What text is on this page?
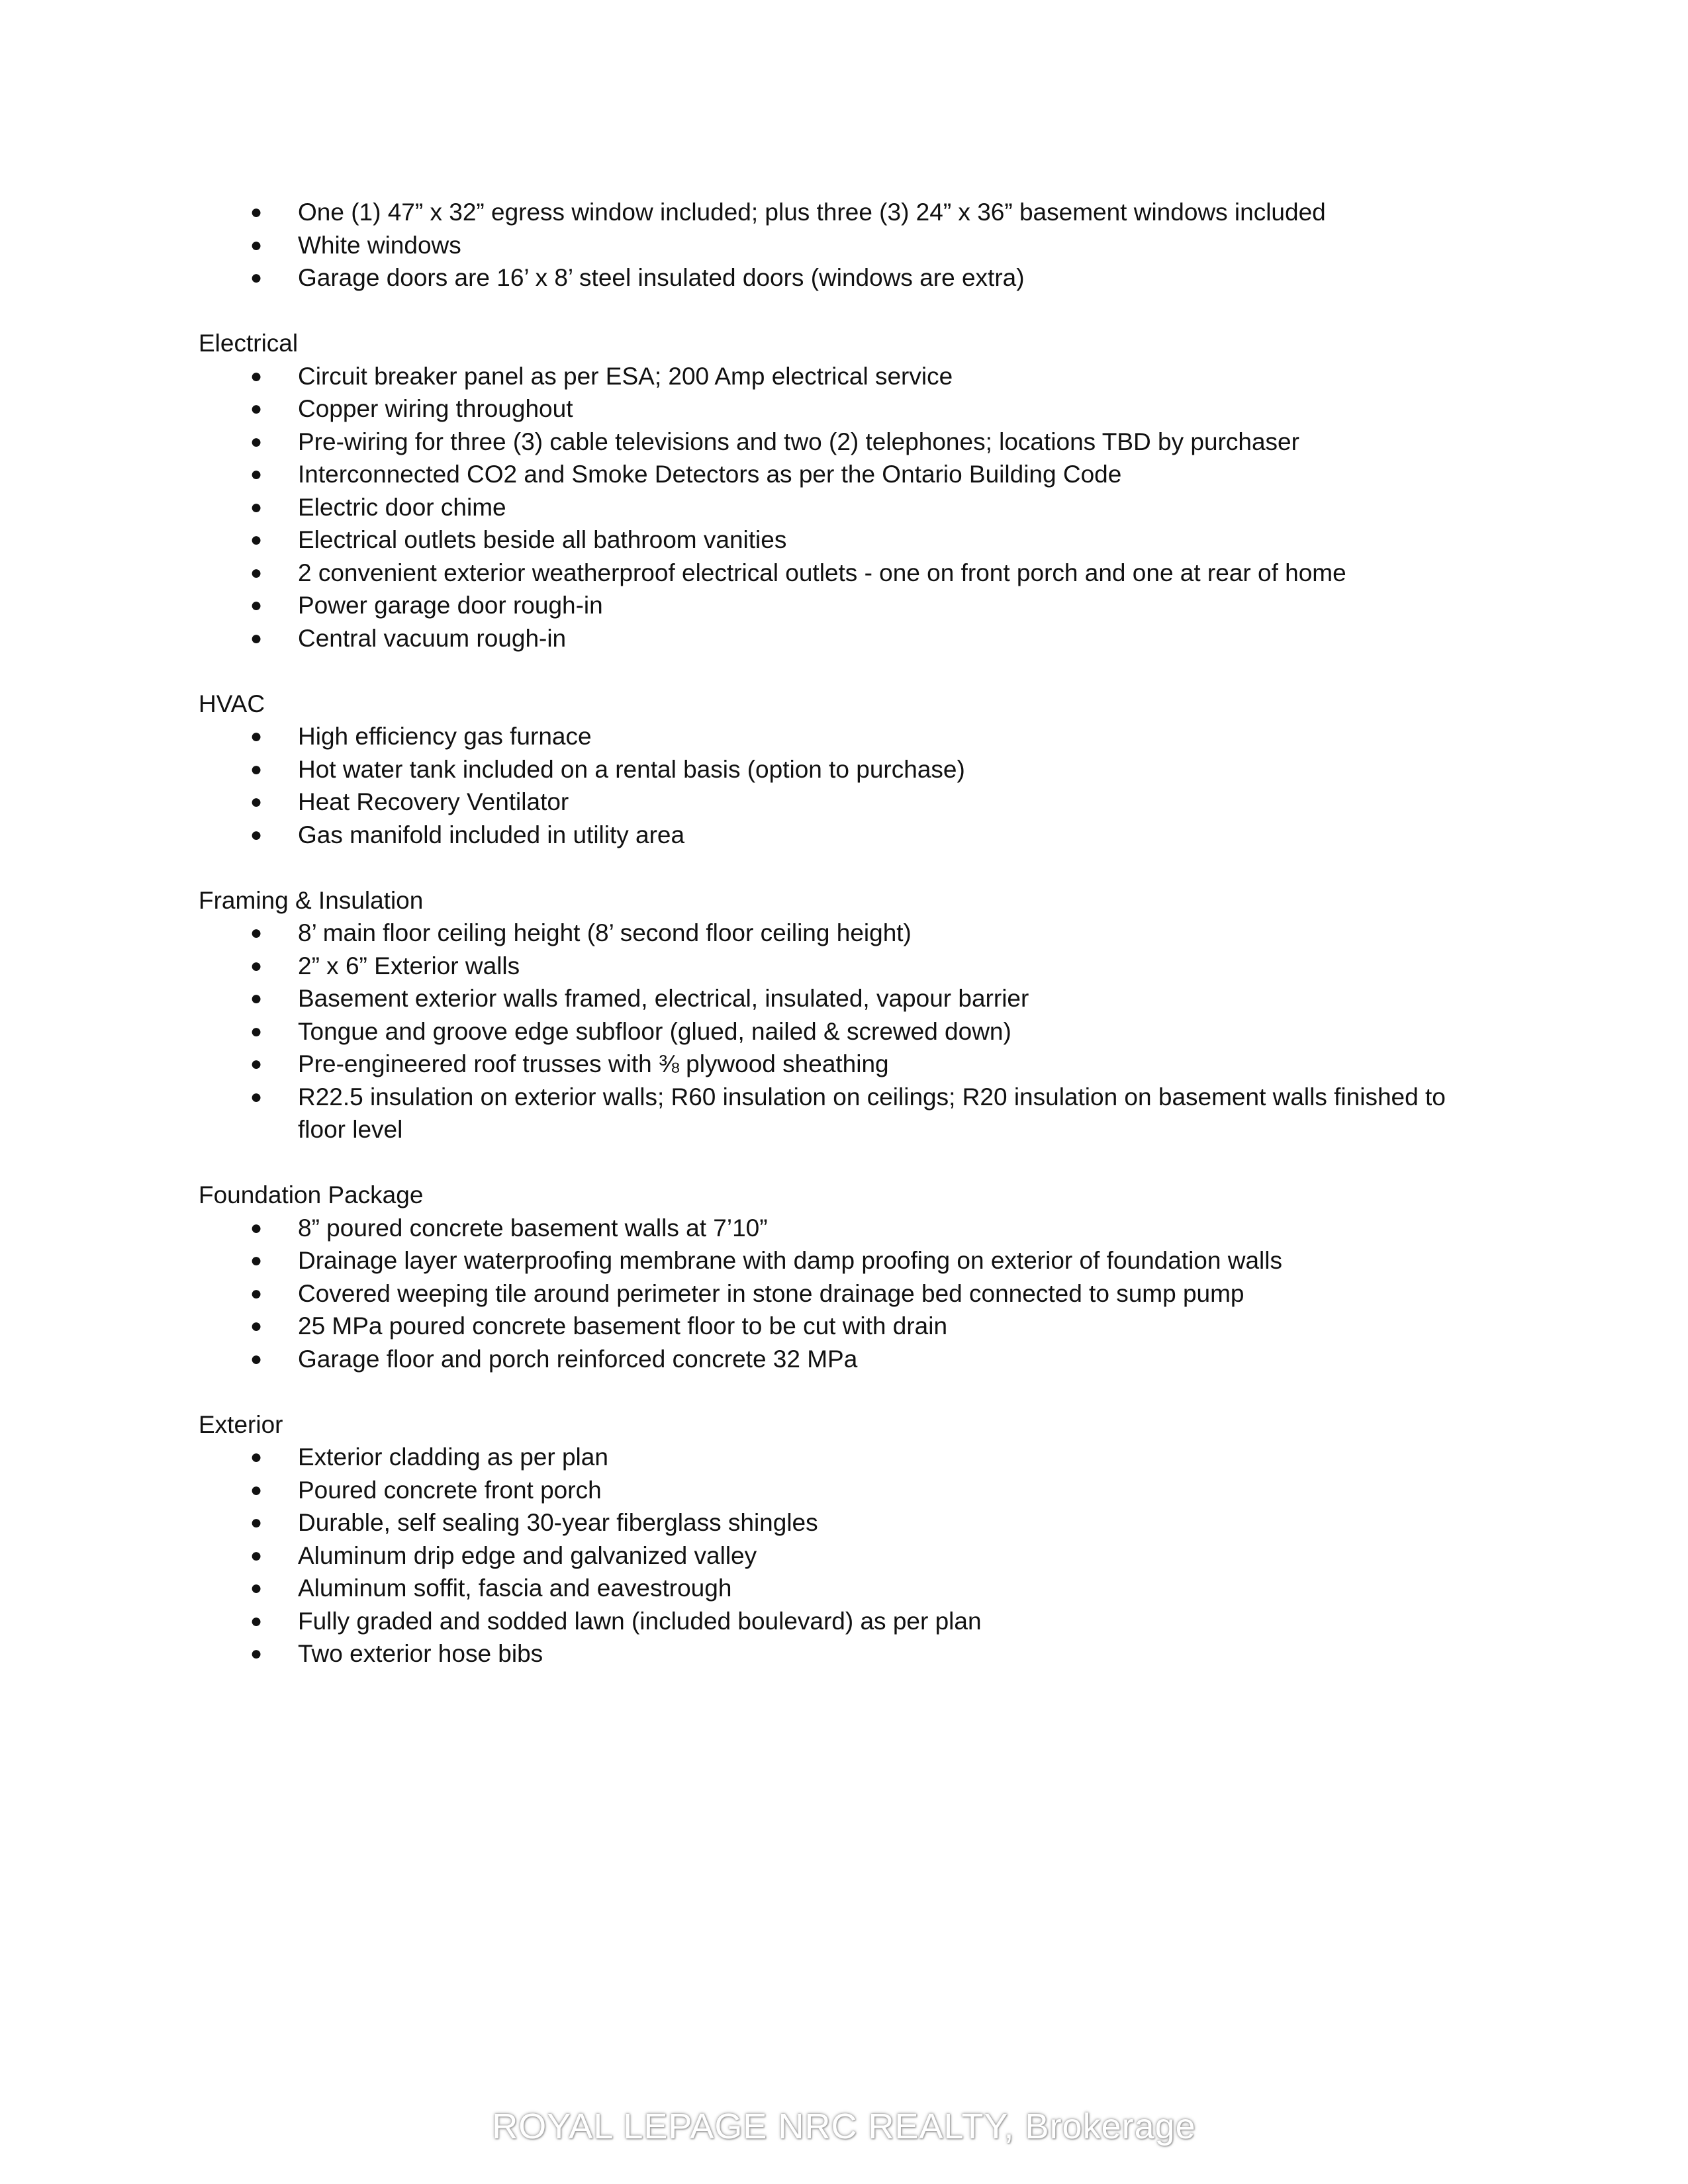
● One (1) 47” x 32” egress window included; plus three (3) 24” x 36” basement windows included
● White windows
● Garage doors are 16’ x 8’ steel insulated doors (windows are extra)
Electrical
● Circuit breaker panel as per ESA; 200 Amp electrical service
● Copper wiring throughout
● Pre-wiring for three (3) cable televisions and two (2) telephones; locations TBD by purchaser
● Interconnected CO2 and Smoke Detectors as per the Ontario Building Code
● Electric door chime
● Electrical outlets beside all bathroom vanities
● 2 convenient exterior weatherproof electrical outlets - one on front porch and one at rear of home
● Power garage door rough-in
● Central vacuum rough-in
HVAC
● High efficiency gas furnace
● Hot water tank included on a rental basis (option to purchase)
● Heat Recovery Ventilator
● Gas manifold included in utility area
Framing & Insulation
● 8’ main floor ceiling height (8’ second floor ceiling height)
● 2” x 6” Exterior walls
● Basement exterior walls framed, electrical, insulated, vapour barrier
● Tongue and groove edge subfloor (glued, nailed & screwed down)
● Pre-engineered roof trusses with ⅜ plywood sheathing
● R22.5 insulation on exterior walls; R60 insulation on ceilings; R20 insulation on basement walls finished to floor level
Foundation Package
● 8” poured concrete basement walls at 7’10”
● Drainage layer waterproofing membrane with damp proofing on exterior of foundation walls
● Covered weeping tile around perimeter in stone drainage bed connected to sump pump
● 25 MPa poured concrete basement floor to be cut with drain
● Garage floor and porch reinforced concrete 32 MPa
Exterior
● Exterior cladding as per plan
● Poured concrete front porch
● Durable, self sealing 30-year fiberglass shingles
● Aluminum drip edge and galvanized valley
● Aluminum soffit, fascia and eavestrough
● Fully graded and sodded lawn (included boulevard) as per plan
● Two exterior hose bibs
ROYAL LEPAGE NRC REALTY, Brokerage
